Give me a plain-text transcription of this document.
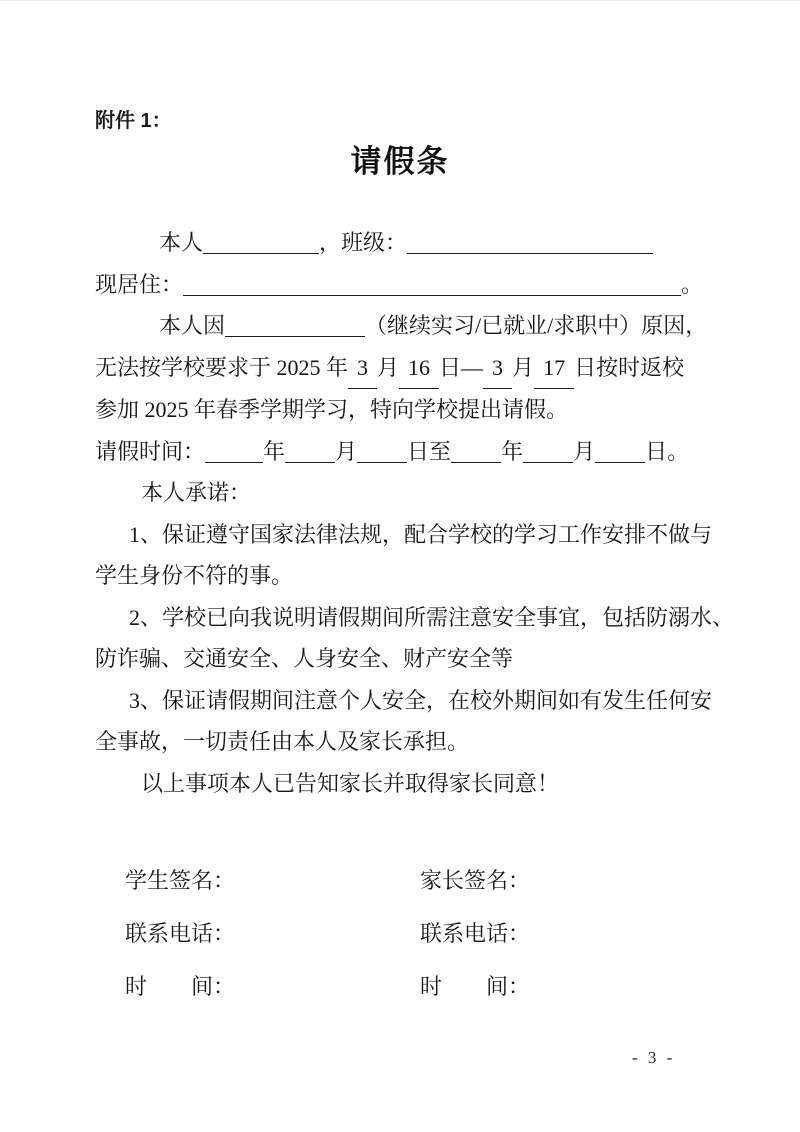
附件 1：
请假条
本人	，班级：
现居住：	。
本人因	（继续实习/已就业/求职中）原因，
无法按学校要求于 2025 年 3 月 16 日— 3 月 17 日按时返校
参加 2025 年春季学期学习，特向学校提出请假。
请假时间：	年 月 日至 年 月 日。
本人承诺：
1、保证遵守国家法律法规，配合学校的学习工作安排不做与
学生身份不符的事。
2、学校已向我说明请假期间所需注意安全事宜，包括防溺水、
防诈骗、交通安全、人身安全、财产安全等
3、保证请假期间注意个人安全，在校外期间如有发生任何安
全事故，一切责任由本人及家长承担。
以上事项本人已告知家长并取得家长同意！
学生签名：	家长签名：
联系电话：	联系电话：
时　　间：	时　　间：
- 3 -
